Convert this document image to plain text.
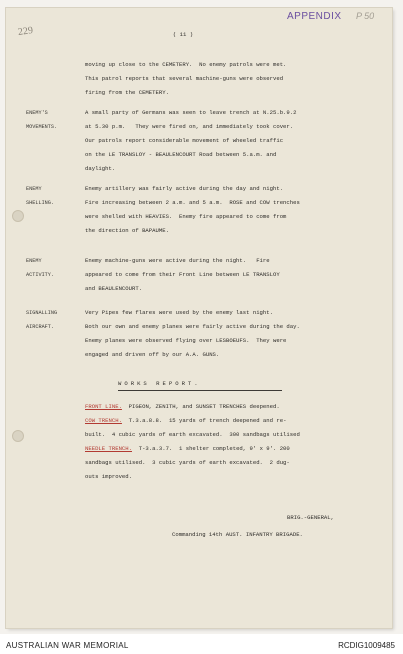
APPENDIX P 50
229	( 11 )
moving up close to the CEMETERY.  No enemy patrols were met.
This patrol reports that several machine-guns were observed
firing from the CEMETERY.
A small party of Germans was seen to leave trench at N.25.b.9.2
ENEMY'S
at 5.30 p.m.   They were fired on, and immediately took cover.
MOVEMENTS.
Our patrols report considerable movement of wheeled traffic
on the LE TRANSLOY - BEAULENCOURT Road between 5.a.m. and
daylight.
Enemy artillery was fairly active during the day and night.
ENEMY
Fire increasing between 2 a.m. and 5 a.m.  ROSE and COW trenches
SHELLING.
were shelled with HEAVIES.  Enemy fire appeared to come from
the direction of BAPAUME.
Enemy machine-guns were active during the night.   Fire
ENEMY
appeared to come from their Front Line between LE TRANSLOY
ACTIVITY.
and BEAULENCOURT.
Very Pipes few flares were used by the enemy last night.
SIGNALLING
Both our own and enemy planes were fairly active during the day.
AIRCRAFT.
Enemy planes were observed flying over LESBOEUFS.  They were
engaged and driven off by our A.A. GUNS.
WORKS REPORT.
FRONT LINE. PIGEON, ZENITH, and SUNSET TRENCHES deepened.
COW TRENCH. T.3.a.8.8.  15 yards of trench deepened and re-
built.  4 cubic yards of earth excavated.  300 sandbags utilised
NEEDLE TRENCH. T-3.a.3.7.  1 shelter completed, 9' x 9'. 200
sandbags utilised.  3 cubic yards of earth excavated.  2 dug-
outs improved.
BRIG.-GENERAL,
Commanding 14th AUST. INFANTRY BRIGADE.
AUSTRALIAN WAR MEMORIAL	RCDIG1009485
